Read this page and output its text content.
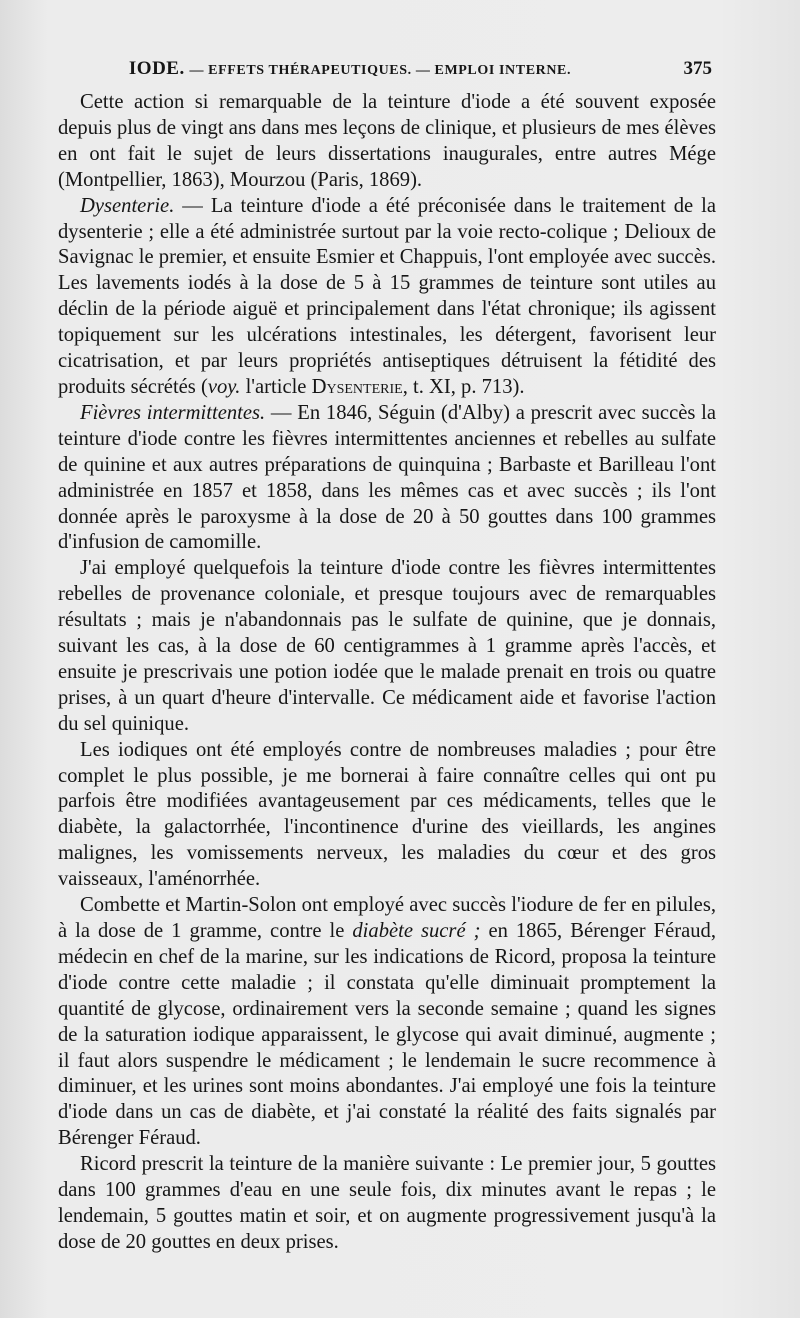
IODE. — EFFETS THÉRAPEUTIQUES. — EMPLOI INTERNE.	375

Cette action si remarquable de la teinture d'iode a été souvent exposée depuis plus de vingt ans dans mes leçons de clinique, et plusieurs de mes élèves en ont fait le sujet de leurs dissertations inaugurales, entre autres Mége (Montpellier, 1863), Mourzou (Paris, 1869).

Dysenterie. — La teinture d'iode a été préconisée dans le traitement de la dysenterie ; elle a été administrée surtout par la voie recto-colique ; Delioux de Savignac le premier, et ensuite Esmier et Chappuis, l'ont employée avec succès. Les lavements iodés à la dose de 5 à 15 grammes de teinture sont utiles au déclin de la période aiguë et principalement dans l'état chronique; ils agissent topiquement sur les ulcérations intestinales, les détergent, favorisent leur cicatrisation, et par leurs propriétés antiseptiques détruisent la fétidité des produits sécrétés (voy. l'article Dysenterie, t. XI, p. 713).

Fièvres intermittentes. — En 1846, Séguin (d'Alby) a prescrit avec succès la teinture d'iode contre les fièvres intermittentes anciennes et rebelles au sulfate de quinine et aux autres préparations de quinquina ; Barbaste et Barilleau l'ont administrée en 1857 et 1858, dans les mêmes cas et avec succès ; ils l'ont donnée après le paroxysme à la dose de 20 à 50 gouttes dans 100 grammes d'infusion de camomille.

J'ai employé quelquefois la teinture d'iode contre les fièvres intermittentes rebelles de provenance coloniale, et presque toujours avec de remarquables résultats ; mais je n'abandonnais pas le sulfate de quinine, que je donnais, suivant les cas, à la dose de 60 centigrammes à 1 gramme après l'accès, et ensuite je prescrivais une potion iodée que le malade prenait en trois ou quatre prises, à un quart d'heure d'intervalle. Ce médicament aide et favorise l'action du sel quinique.

Les iodiques ont été employés contre de nombreuses maladies ; pour être complet le plus possible, je me bornerai à faire connaître celles qui ont pu parfois être modifiées avantageusement par ces médicaments, telles que le diabète, la galactorrhée, l'incontinence d'urine des vieillards, les angines malignes, les vomissements nerveux, les maladies du cœur et des gros vaisseaux, l'aménorrhée.

Combette et Martin-Solon ont employé avec succès l'iodure de fer en pilules, à la dose de 1 gramme, contre le diabète sucré ; en 1865, Bérenger Féraud, médecin en chef de la marine, sur les indications de Ricord, proposa la teinture d'iode contre cette maladie ; il constata qu'elle diminuait promptement la quantité de glycose, ordinairement vers la seconde semaine ; quand les signes de la saturation iodique apparaissent, le glycose qui avait diminué, augmente ; il faut alors suspendre le médicament ; le lendemain le sucre recommence à diminuer, et les urines sont moins abondantes. J'ai employé une fois la teinture d'iode dans un cas de diabète, et j'ai constaté la réalité des faits signalés par Bérenger Féraud.

Ricord prescrit la teinture de la manière suivante : Le premier jour, 5 gouttes dans 100 grammes d'eau en une seule fois, dix minutes avant le repas ; le lendemain, 5 gouttes matin et soir, et on augmente progressivement jusqu'à la dose de 20 gouttes en deux prises.
